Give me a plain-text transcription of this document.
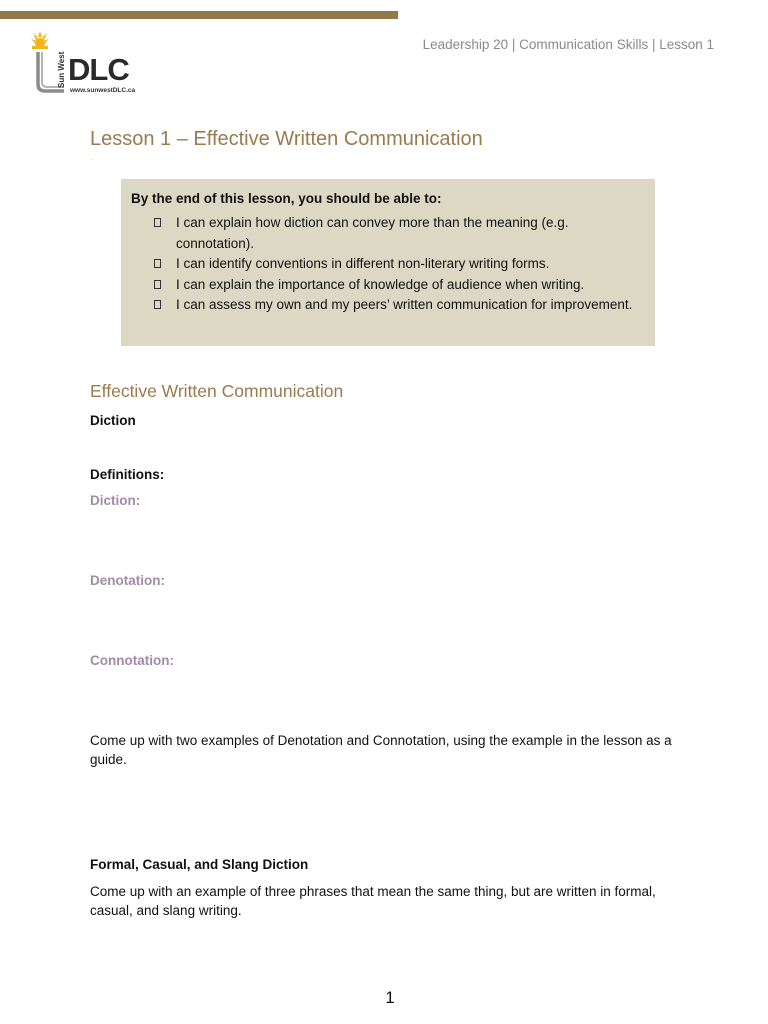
Sun West DLC
www.sunwestDLC.ca
Leadership 20 | Communication Skills | Lesson 1
Lesson 1 – Effective Written Communication
`

By the end of this lesson, you should be able to:

I can explain how diction can convey more than the meaning (e.g. connotation).
I can identify conventions in different non-literary writing forms.
I can explain the importance of knowledge of audience when writing.
I can assess my own and my peers’ written communication for improvement.
Effective Written Communication
Diction
Definitions:
Diction:
Denotation:
Connotation:

Come up with two examples of Denotation and Connotation, using the example in the lesson as a guide.

Formal, Casual, and Slang Diction

Come up with an example of three phrases that mean the same thing, but are written in formal, casual, and slang writing.

1
